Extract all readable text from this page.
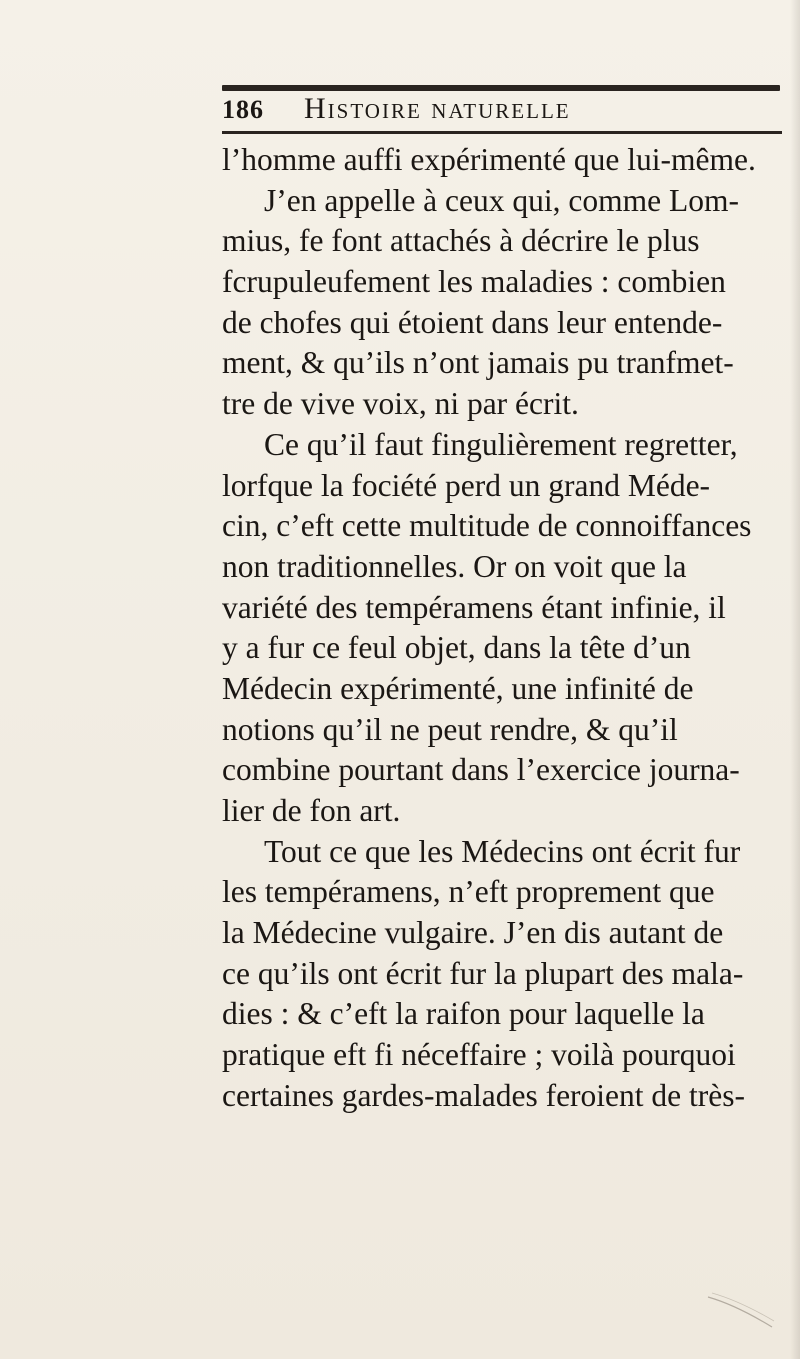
186	Histoire naturelle
l’homme auffi expérimenté que lui-même.
J’en appelle à ceux qui, comme Lom-
mius, fe font attachés à décrire le plus
fcrupuleufement les maladies : combien
de chofes qui étoient dans leur entende-
ment, & qu’ils n’ont jamais pu tranfmet-
tre de vive voix, ni par écrit.
Ce qu’il faut fingulièrement regretter,
lorfque la fociété perd un grand Méde-
cin, c’eft cette multitude de connoiffances
non traditionnelles. Or on voit que la
variété des tempéramens étant infinie, il
y a fur ce feul objet, dans la tête d’un
Médecin expérimenté, une infinité de
notions qu’il ne peut rendre, & qu’il
combine pourtant dans l’exercice journa-
lier de fon art.
Tout ce que les Médecins ont écrit fur
les tempéramens, n’eft proprement que
la Médecine vulgaire. J’en dis autant de
ce qu’ils ont écrit fur la plupart des mala-
dies : & c’eft la raifon pour laquelle la
pratique eft fi néceffaire ; voilà pourquoi
certaines gardes-malades feroient de très-
